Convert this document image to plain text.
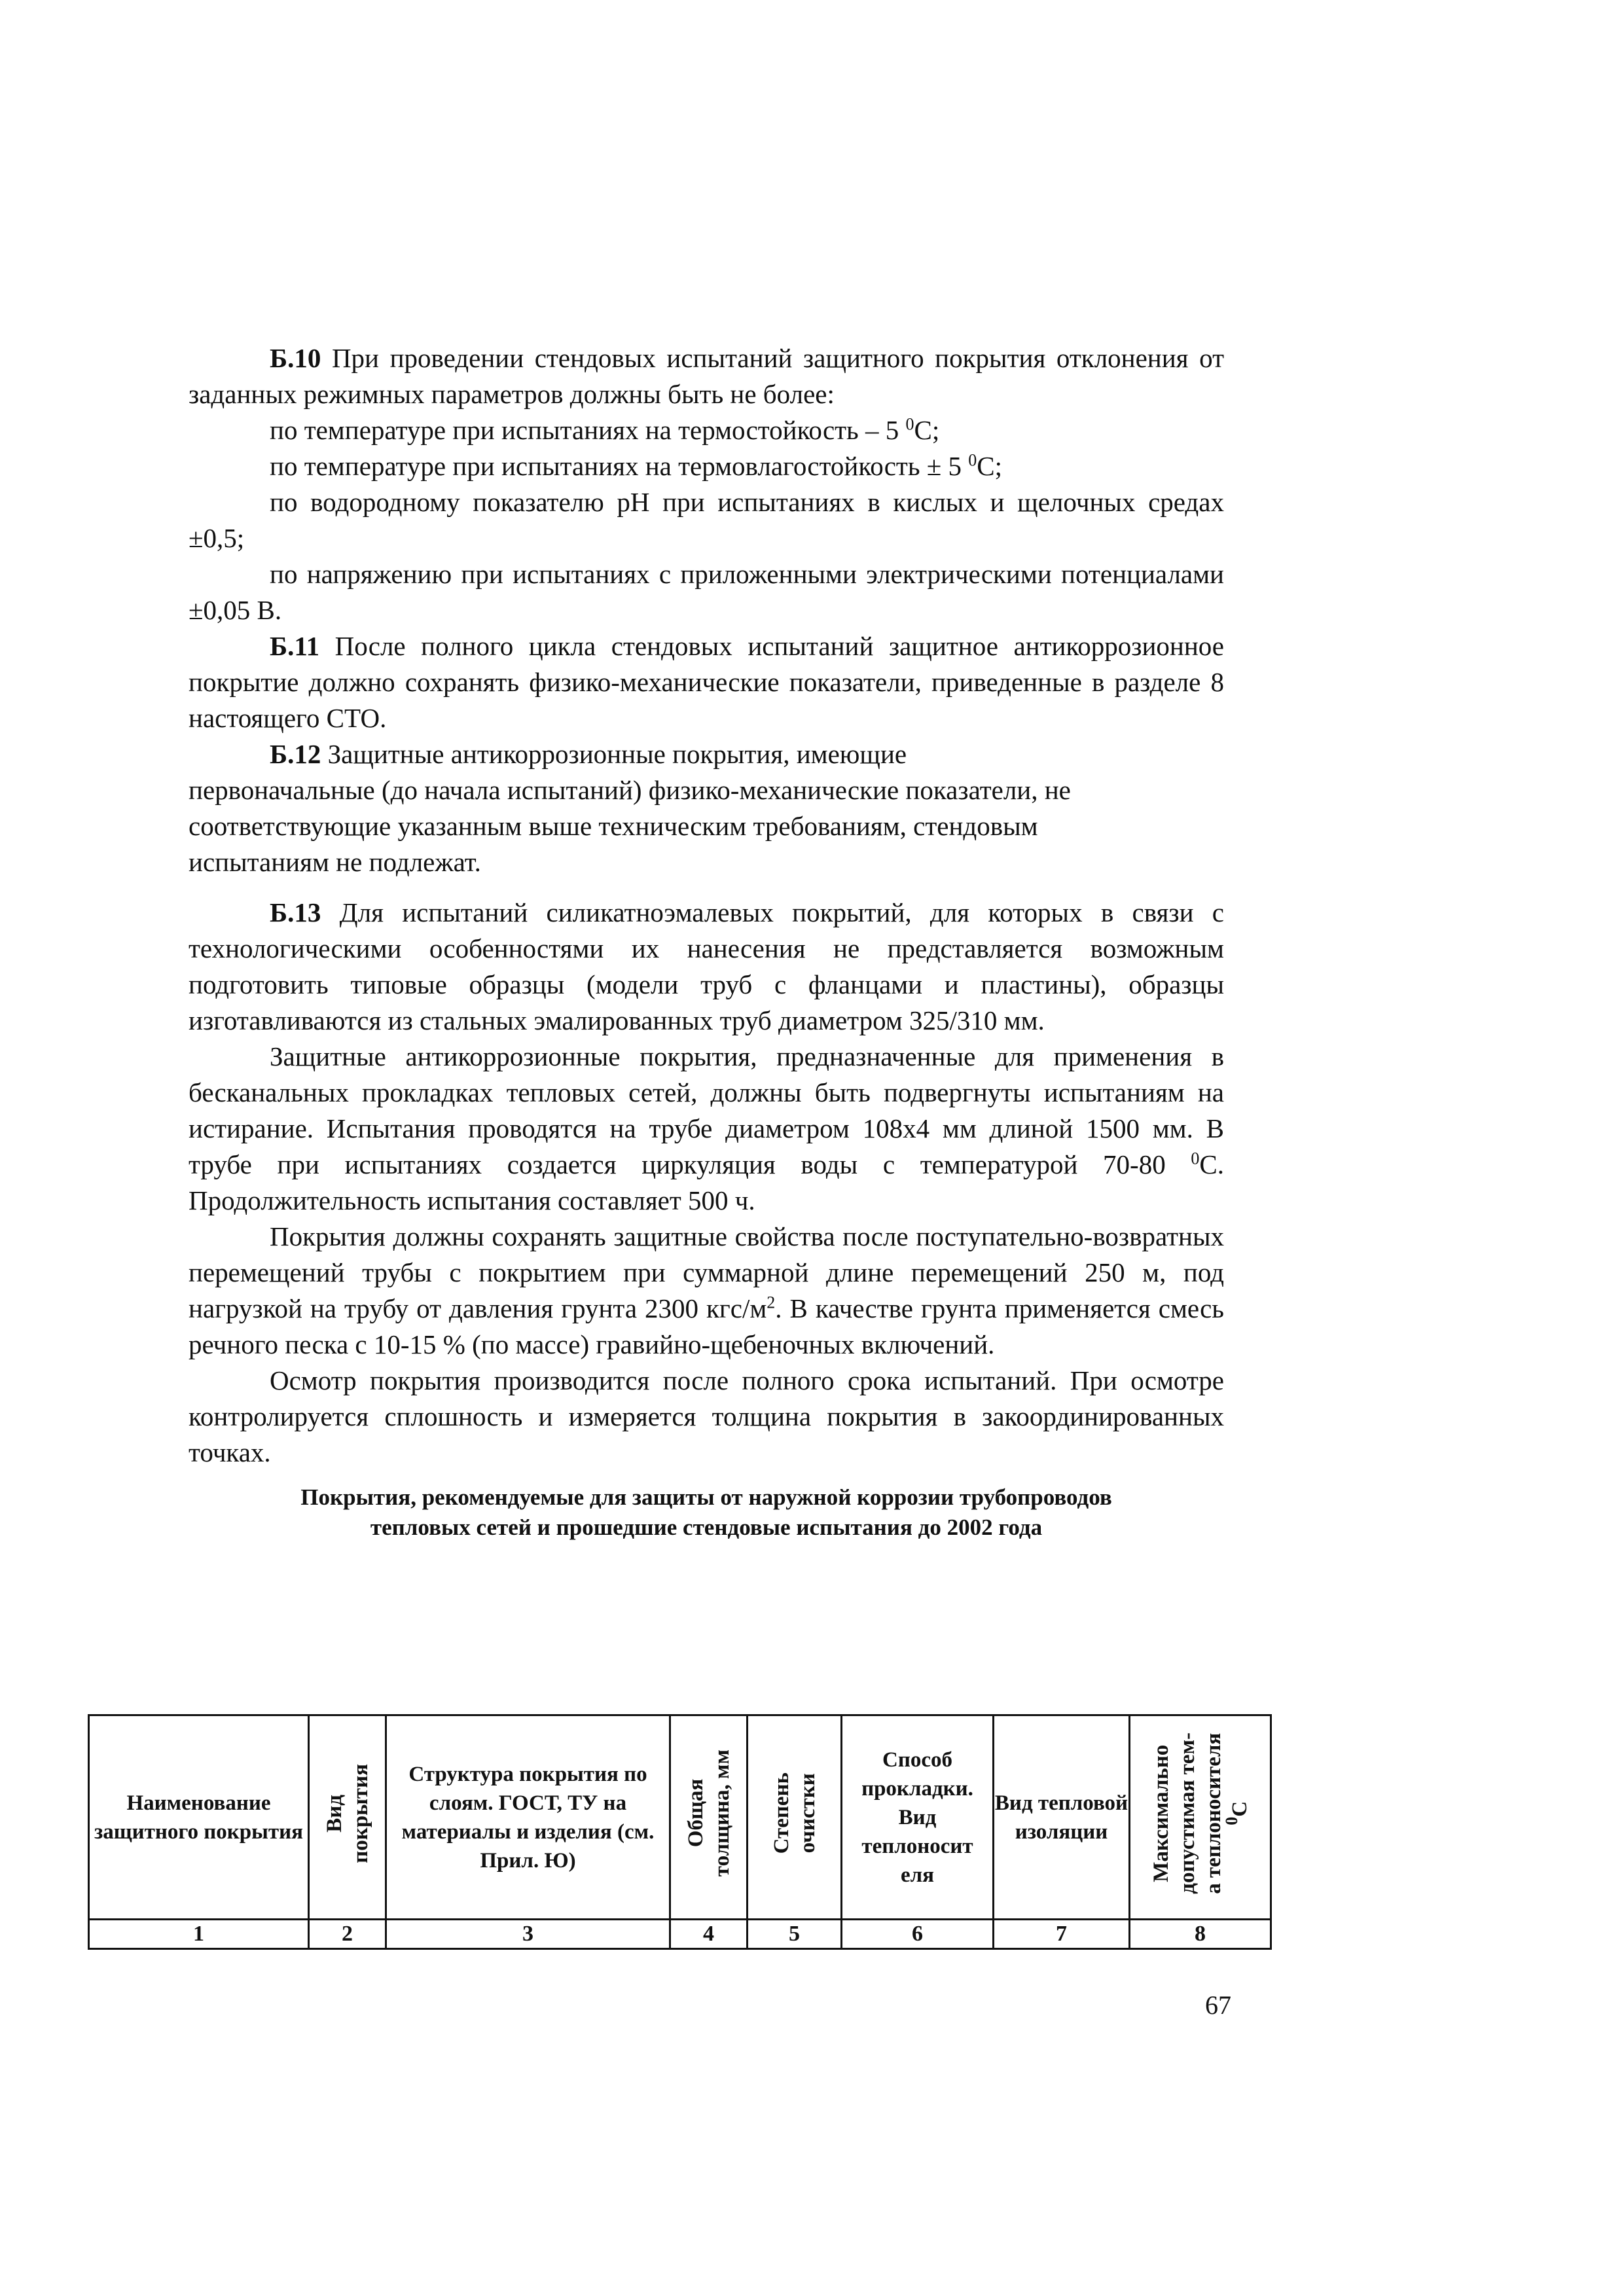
Б.10 При проведении стендовых испытаний защитного покрытия отклонения от заданных режимных параметров должны быть не более:

по температуре при испытаниях на термостойкость – 5 $^0$С;

по температуре при испытаниях на термовлагостойкость ± 5 $^0$С;

по водородному показателю рН при испытаниях в кислых и щелочных средах ±0,5;

по напряжению при испытаниях с приложенными электрическими потенциалами ±0,05 В.

Б.11 После полного цикла стендовых испытаний защитное антикоррозионное покрытие должно сохранять физико-механические показатели, приведенные в разделе 8 настоящего СТО.

Б.12 Защитные антикоррозионные покрытия, имеющие

первоначальные (до начала испытаний) физико-механические показатели, не

соответствующие указанным выше техническим требованиям, стендовым

испытаниям не подлежат.

Б.13 Для испытаний силикатноэмалевых покрытий, для которых в связи с технологическими особенностями их нанесения не представляется возможным подготовить типовые образцы (модели труб с фланцами и пластины), образцы изготавливаются из стальных эмалированных труб диаметром 325/310 мм.

Защитные антикоррозионные покрытия, предназначенные для применения в бесканальных прокладках тепловых сетей, должны быть подвергнуты испытаниям на истирание. Испытания проводятся на трубе диаметром 108х4 мм длиной 1500 мм. В трубе при испытаниях создается циркуляция воды с температурой 70-80 $^0$С. Продолжительность испытания составляет 500 ч.

Покрытия должны сохранять защитные свойства после поступательно-возвратных перемещений трубы с покрытием при суммарной длине перемещений 250 м, под нагрузкой на трубу от давления грунта 2300 кгс/$м^2$. В качестве грунта применяется смесь речного песка с 10-15 % (по массе) гравийно-щебеночных включений.

Осмотр покрытия производится после полного срока испытаний. При осмотре контролируется сплошность и измеряется толщина покрытия в закоординированных точках.

Покрытия, рекомендуемые для защиты от наружной коррозии трубопроводов
тепловых сетей и прошедшие стендовые испытания до 2002 года
Наименование защитного покрытия	Вид покрытия	Структура покрытия по слоям. ГОСТ, ТУ на материалы и изделия (см. Прил. Ю)	Общая толщина, мм	Степень очистки	Способ прокладки. Вид теплоносит еля	Вид тепловой изоляции	Максимально допустимая тем- а теплоносителя
$^0$С
1	2	3	4	5	6	7	8
67
